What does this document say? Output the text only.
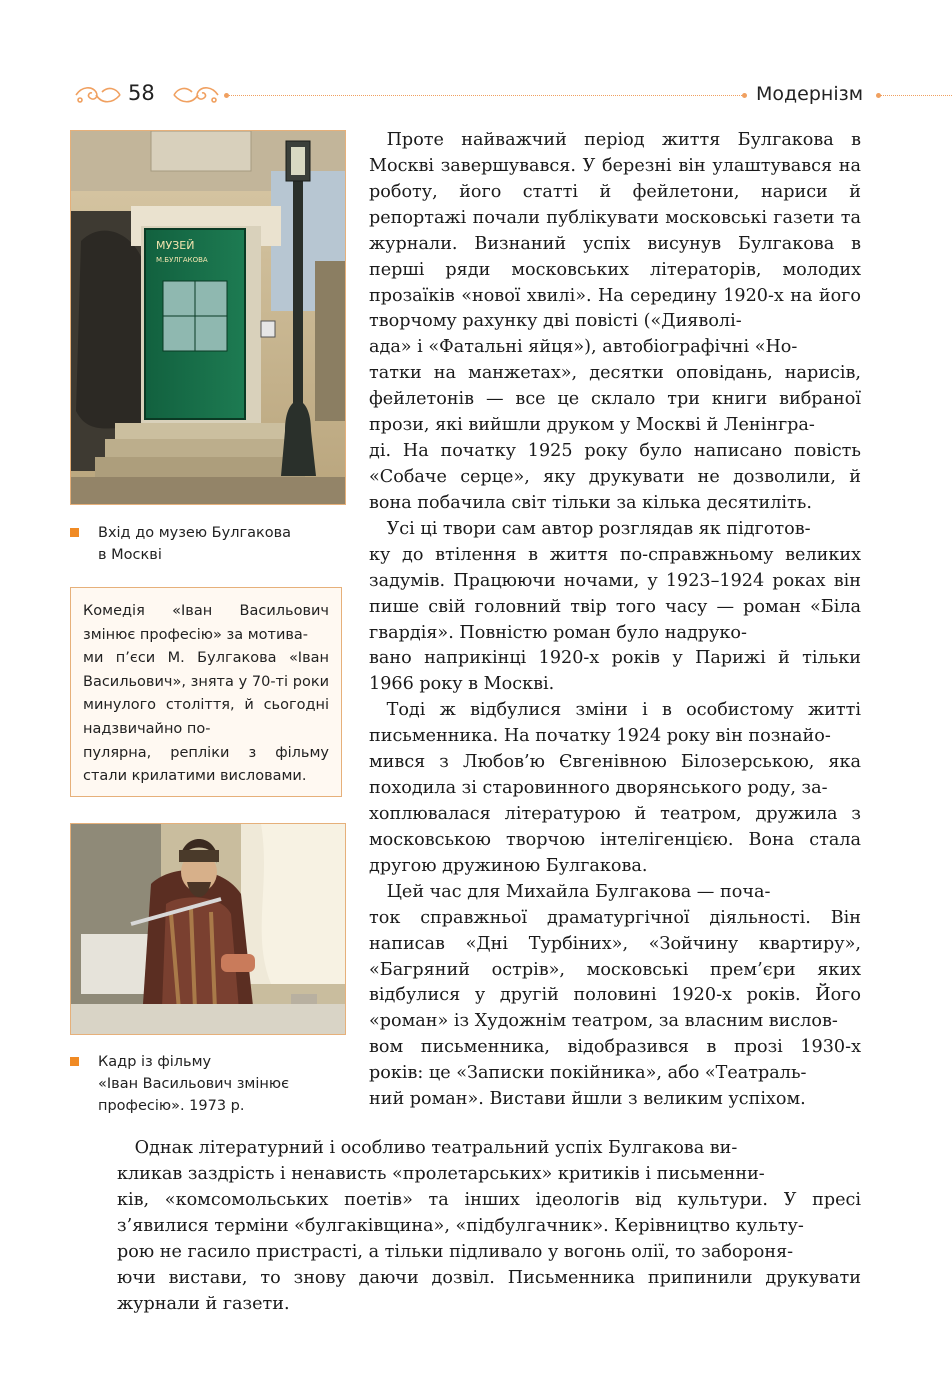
58	Модернізм
МУЗЕЙ
М.БУЛГАКОВА
Вхід до музею Булгакова
в Москві
Комедія «Іван Васильович змінює професію» за мотива-
ми п’єси М. Булгакова «Іван Васильович», знята у 70-ті роки минулого століття, й сьогодні надзвичайно по-
пулярна, репліки з фільму стали крилатими висловами.
Кадр із фільму
«Іван Васильович змінює
професію». 1973 р.

 Проте найважчий період життя Булгакова в Москві завершувався. У березні він улаштувався на роботу, його статті й фейлетони, нариси й репортажі почали публікувати московські газети та журнали. Визнаний успіх висунув Булгакова в перші ряди московських літераторів, молодих прозаїків «нової хвилі». На середину 1920-х на його творчому рахунку дві повісті («Дияволі-
ада» і «Фатальні яйця»), автобіографічні «Но-
татки на манжетах», десятки оповідань, нарисів, фейлетонів — все це склало три книги вибраної прози, які вийшли друком у Москві й Ленінгра-
ді. На початку 1925 року було написано повість «Собаче серце», яку друкувати не дозволили, й вона побачила світ тільки за кілька десятиліть.

 Усі ці твори сам автор розглядав як підготов-
ку до втілення в життя по-справжньому великих задумів. Працюючи ночами, у 1923–1924 роках він пише свій головний твір того часу — роман «Біла гвардія». Повністю роман було надруко-
вано наприкінці 1920-х років у Парижі й тільки 1966 року в Москві.

 Тоді ж відбулися зміни і в особистому житті письменника. На початку 1924 року він познайо-
мився з Любов’ю Євгенівною Білозерською, яка походила зі старовинного дворянського роду, за-
хоплювалася літературою й театром, дружила з московською творчою інтелігенцією. Вона стала другою дружиною Булгакова.

 Цей час для Михайла Булгакова — поча-
ток справжньої драматургічної діяльності. Він написав «Дні Турбіних», «Зойчину квартиру», «Багряний острів», московські прем’єри яких відбулися у другій половині 1920-х років. Його «роман» із Художнім театром, за власним вислов-
вом письменника, відобразився в прозі 1930-х років: це «Записки покійника», або «Театраль-
ний роман». Вистави йшли з великим успіхом.

 Однак літературний і особливо театральний успіх Булгакова ви-
кликав заздрість і ненависть «пролетарських» критиків і письменни-
ків, «комсомольських поетів» та інших ідеологів від культури. У пресі з’явилися терміни «булгаківщина», «підбулгачник». Керівництво культу-
рою не гасило пристрасті, а тільки підливало у вогонь олії, то забороня-
ючи вистави, то знову даючи дозвіл. Письменника припинили друкувати журнали й газети.
